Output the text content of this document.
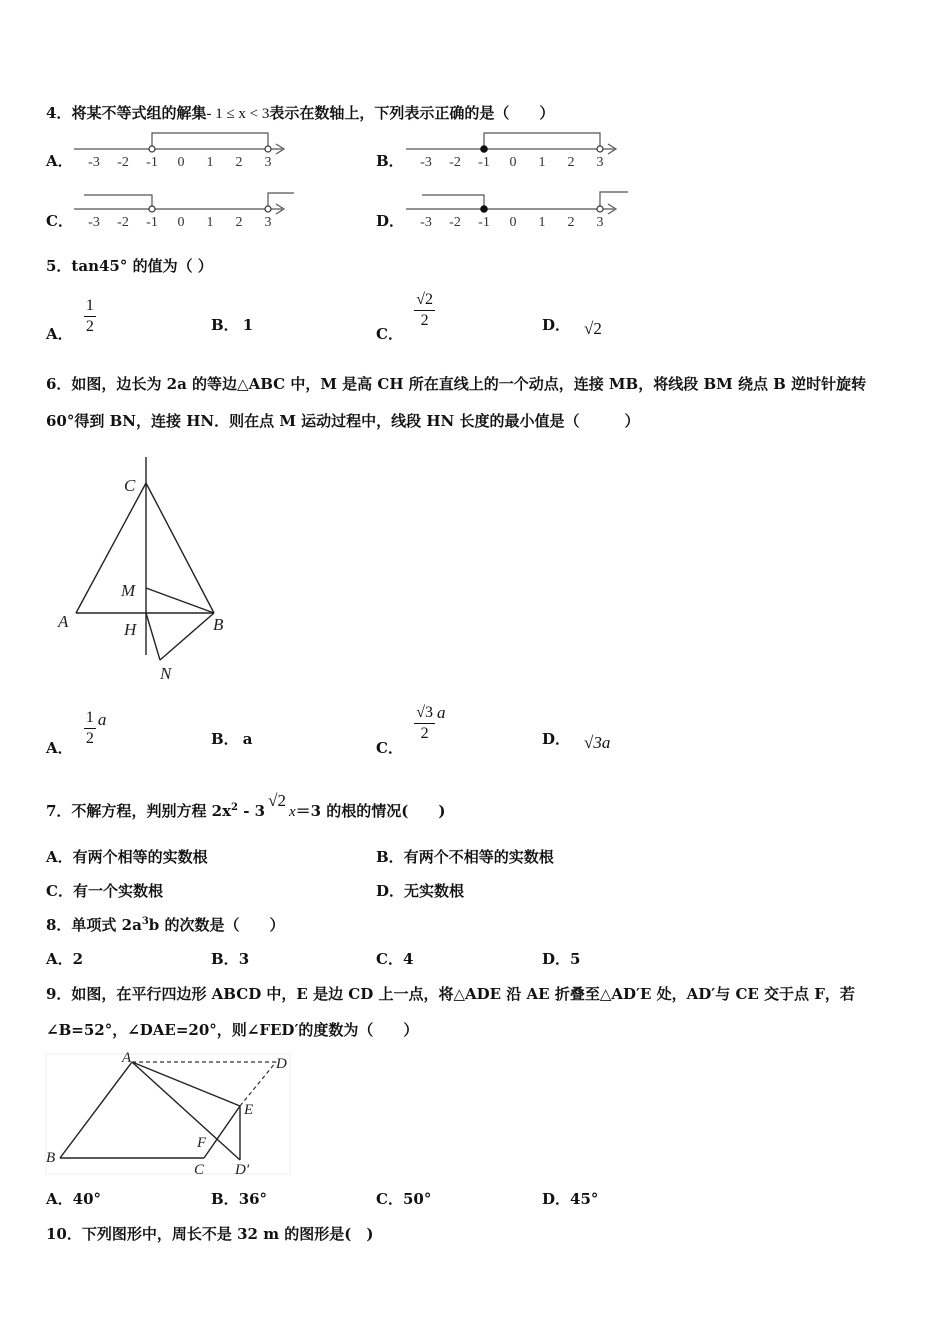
4．将某不等式组的解集- 1 ≤ x < 3表示在数轴上，下列表示正确的是（　　）
A．	B．
C．	D．
-3 -2 -1 0 1 2 3	-3 -2 -1 0 1 2 3
-3 -2 -1 0 1 2 3	-3 -2 -1 0 1 2 3
5．tan45° 的值为（ ）
A． $\frac{1}{2}$	B． 1	C．
$\frac{√2}{2}$	D． √2
6．如图，边长为 2a 的等边△ABC 中，M 是高 CH 所在直线上的一个动点，连接 MB，将线段 BM 绕点 B 逆时针旋转
60°得到 BN，连接 HN．则在点 M 运动过程中，线段 HN 长度的最小值是（　　　）
C
M
A	H	B
N
A． $\frac{1}{2}$ a
B． a	C．
$\frac{√3}{2}$ a
D． √3a
7．不解方程，判别方程 $2x^2 - 3√2x=3$ 的根的情况(　　)
A．有两个相等的实数根	B．有两个不相等的实数根
C．有一个实数根	D．无实数根
8．单项式 $2a^3b$ 的次数是（　　）
A．2	B．3	C．4	D．5
9．如图，在平行四边形 ABCD 中，E 是边 CD 上一点，将△ADE 沿 AE 折叠至△AD′E 处，AD′与 CE 交于点 F，若
∠B=52°，∠DAE=20°，则∠FED′的度数为（　　）
A	D
E
F
B
C D′
A．40°	B．36°	C．50°	D．45°
10．下列图形中，周长不是 32 m 的图形是(　)
